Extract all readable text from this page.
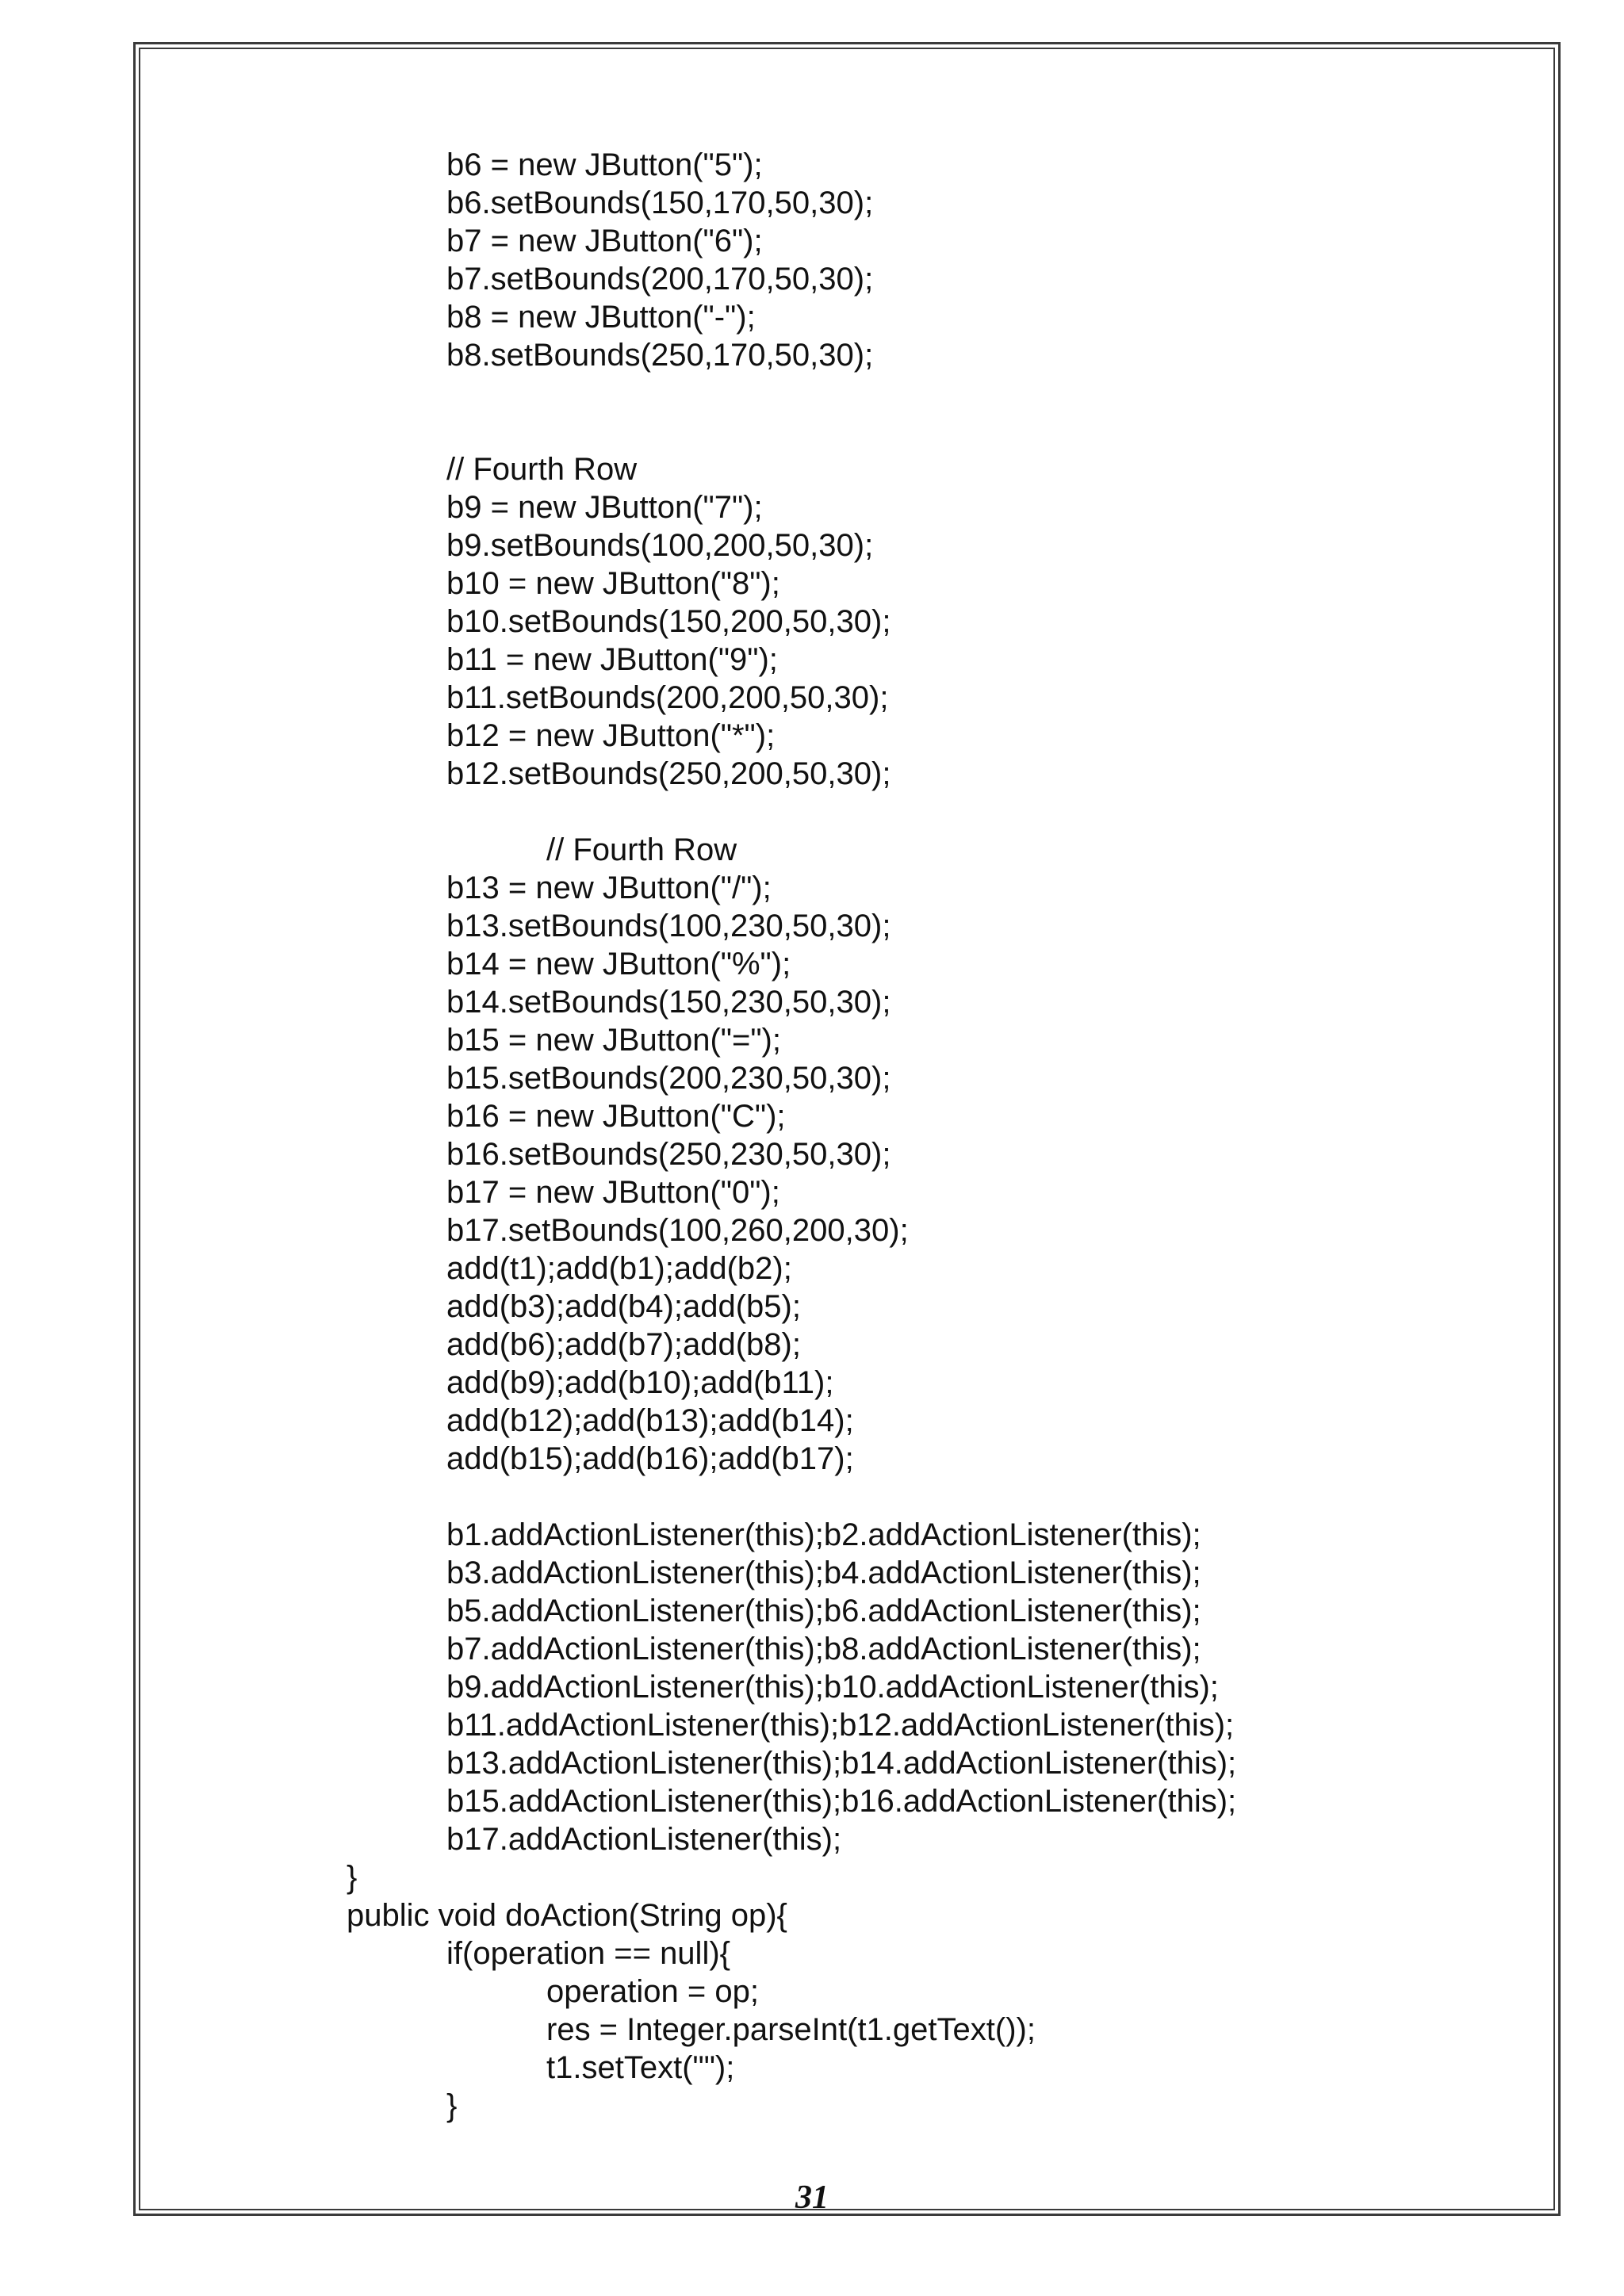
b6 = new JButton("5");
b6.setBounds(150,170,50,30);
b7 = new JButton("6");
b7.setBounds(200,170,50,30);
b8 = new JButton("-");
b8.setBounds(250,170,50,30);
// Fourth Row
b9 = new JButton("7");
b9.setBounds(100,200,50,30);
b10 = new JButton("8");
b10.setBounds(150,200,50,30);
b11 = new JButton("9");
b11.setBounds(200,200,50,30);
b12 = new JButton("*");
b12.setBounds(250,200,50,30);
// Fourth Row
b13 = new JButton("/");
b13.setBounds(100,230,50,30);
b14 = new JButton("%");
b14.setBounds(150,230,50,30);
b15 = new JButton("=");
b15.setBounds(200,230,50,30);
b16 = new JButton("C");
b16.setBounds(250,230,50,30);
b17 = new JButton("0");
b17.setBounds(100,260,200,30);
add(t1);add(b1);add(b2);
add(b3);add(b4);add(b5);
add(b6);add(b7);add(b8);
add(b9);add(b10);add(b11);
add(b12);add(b13);add(b14);
add(b15);add(b16);add(b17);
b1.addActionListener(this);b2.addActionListener(this);
b3.addActionListener(this);b4.addActionListener(this);
b5.addActionListener(this);b6.addActionListener(this);
b7.addActionListener(this);b8.addActionListener(this);
b9.addActionListener(this);b10.addActionListener(this);
b11.addActionListener(this);b12.addActionListener(this);
b13.addActionListener(this);b14.addActionListener(this);
b15.addActionListener(this);b16.addActionListener(this);
b17.addActionListener(this);
}
public void doAction(String op){
if(operation == null){
operation = op;
res = Integer.parseInt(t1.getText());
t1.setText("");
}

31
